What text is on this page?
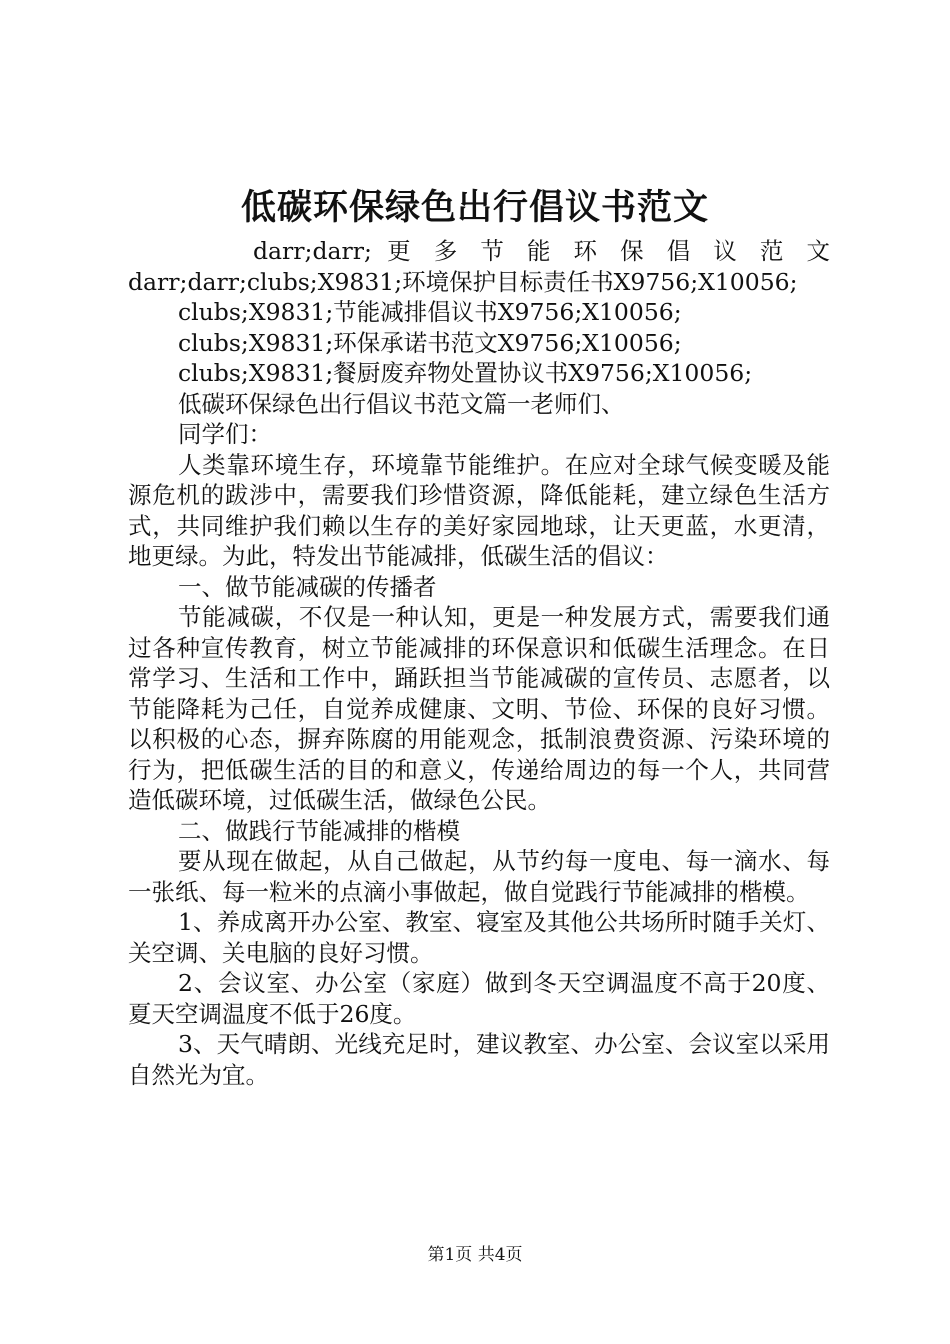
低碳环保绿色出行倡议书范文

darr;darr; 更 多 节 能 环 保 倡 议 范 文

darr;darr;clubs;X9831;环境保护目标责任书X9756;X10056;

clubs;X9831;节能减排倡议书X9756;X10056;

clubs;X9831;环保承诺书范文X9756;X10056;

clubs;X9831;餐厨废弃物处置协议书X9756;X10056;

低碳环保绿色出行倡议书范文篇一老师们、

同学们：

人类靠环境生存，环境靠节能维护。在应对全球气候变暖及能源危机的跋涉中，需要我们珍惜资源，降低能耗，建立绿色生活方式，共同维护我们赖以生存的美好家园地球，让天更蓝，水更清，地更绿。为此，特发出节能减排，低碳生活的倡议：

一、做节能减碳的传播者

节能减碳，不仅是一种认知，更是一种发展方式，需要我们通过各种宣传教育，树立节能减排的环保意识和低碳生活理念。在日常学习、生活和工作中，踊跃担当节能减碳的宣传员、志愿者，以节能降耗为己任，自觉养成健康、文明、节俭、环保的良好习惯。以积极的心态，摒弃陈腐的用能观念，抵制浪费资源、污染环境的行为，把低碳生活的目的和意义，传递给周边的每一个人，共同营造低碳环境，过低碳生活，做绿色公民。

二、做践行节能减排的楷模

要从现在做起，从自己做起，从节约每一度电、每一滴水、每一张纸、每一粒米的点滴小事做起，做自觉践行节能减排的楷模。

1、养成离开办公室、教室、寝室及其他公共场所时随手关灯、关空调、关电脑的良好习惯。

2、会议室、办公室（家庭）做到冬天空调温度不高于20度、夏天空调温度不低于26度。

3、天气晴朗、光线充足时，建议教室、办公室、会议室以采用自然光为宜。

第1页 共4页
